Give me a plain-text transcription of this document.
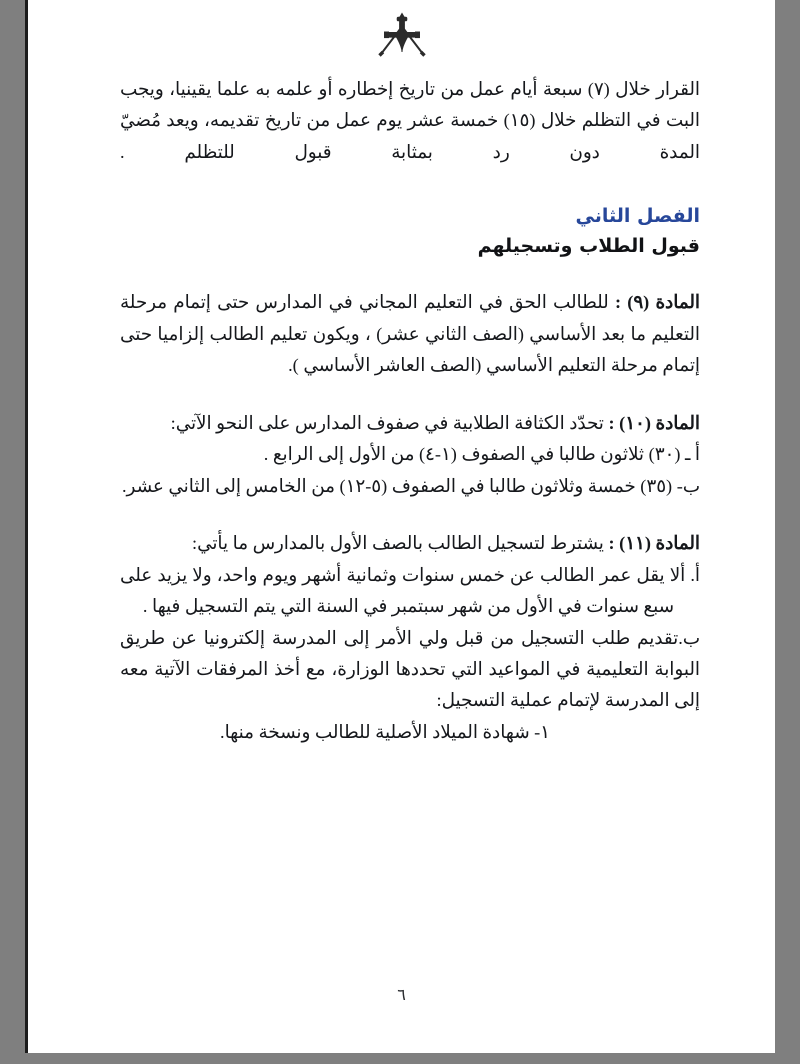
القرار خلال (٧) سبعة أيام عمل من تاريخ إخطاره أو علمه به علما يقينيا، ويجب البت في التظلم خلال (١٥) خمسة عشر يوم عمل من تاريخ تقديمه، ويعد مُضيّ المدة دون رد بمثابة قبول للتظلم .

الفصل الثاني
قبول الطلاب وتسجيلهم
المادة (٩) : للطالب الحق في التعليم المجاني في المدارس حتى إتمام مرحلة التعليم ما بعد الأساسي (الصف الثاني عشر) ، ويكون تعليم الطالب إلزاميا حتى إتمام مرحلة التعليم الأساسي (الصف العاشر الأساسي ).
المادة (١٠) : تحدّد الكثافة الطلابية في صفوف المدارس على النحو الآتي:

أ ـ (٣٠) ثلاثون طالبا في الصفوف (١-٤) من الأول إلى الرابع .

ب- (٣٥) خمسة وثلاثون طالبا في الصفوف (٥-١٢) من الخامس إلى الثاني عشر.

المادة (١١) : يشترط لتسجيل الطالب بالصف الأول بالمدارس ما يأتي:

أ. ألا يقل عمر الطالب عن خمس سنوات وثمانية أشهر ويوم واحد، ولا يزيد على سبع سنوات في الأول من شهر سبتمبر في السنة التي يتم التسجيل فيها .

ب.تقديم طلب التسجيل من قبل ولي الأمر إلى المدرسة إلكترونيا عن طريق البوابة التعليمية في المواعيد التي تحددها الوزارة، مع أخذ المرفقات الآتية معه إلى المدرسة لإتمام عملية التسجيل:

١- شهادة الميلاد الأصلية للطالب ونسخة منها.

٦
